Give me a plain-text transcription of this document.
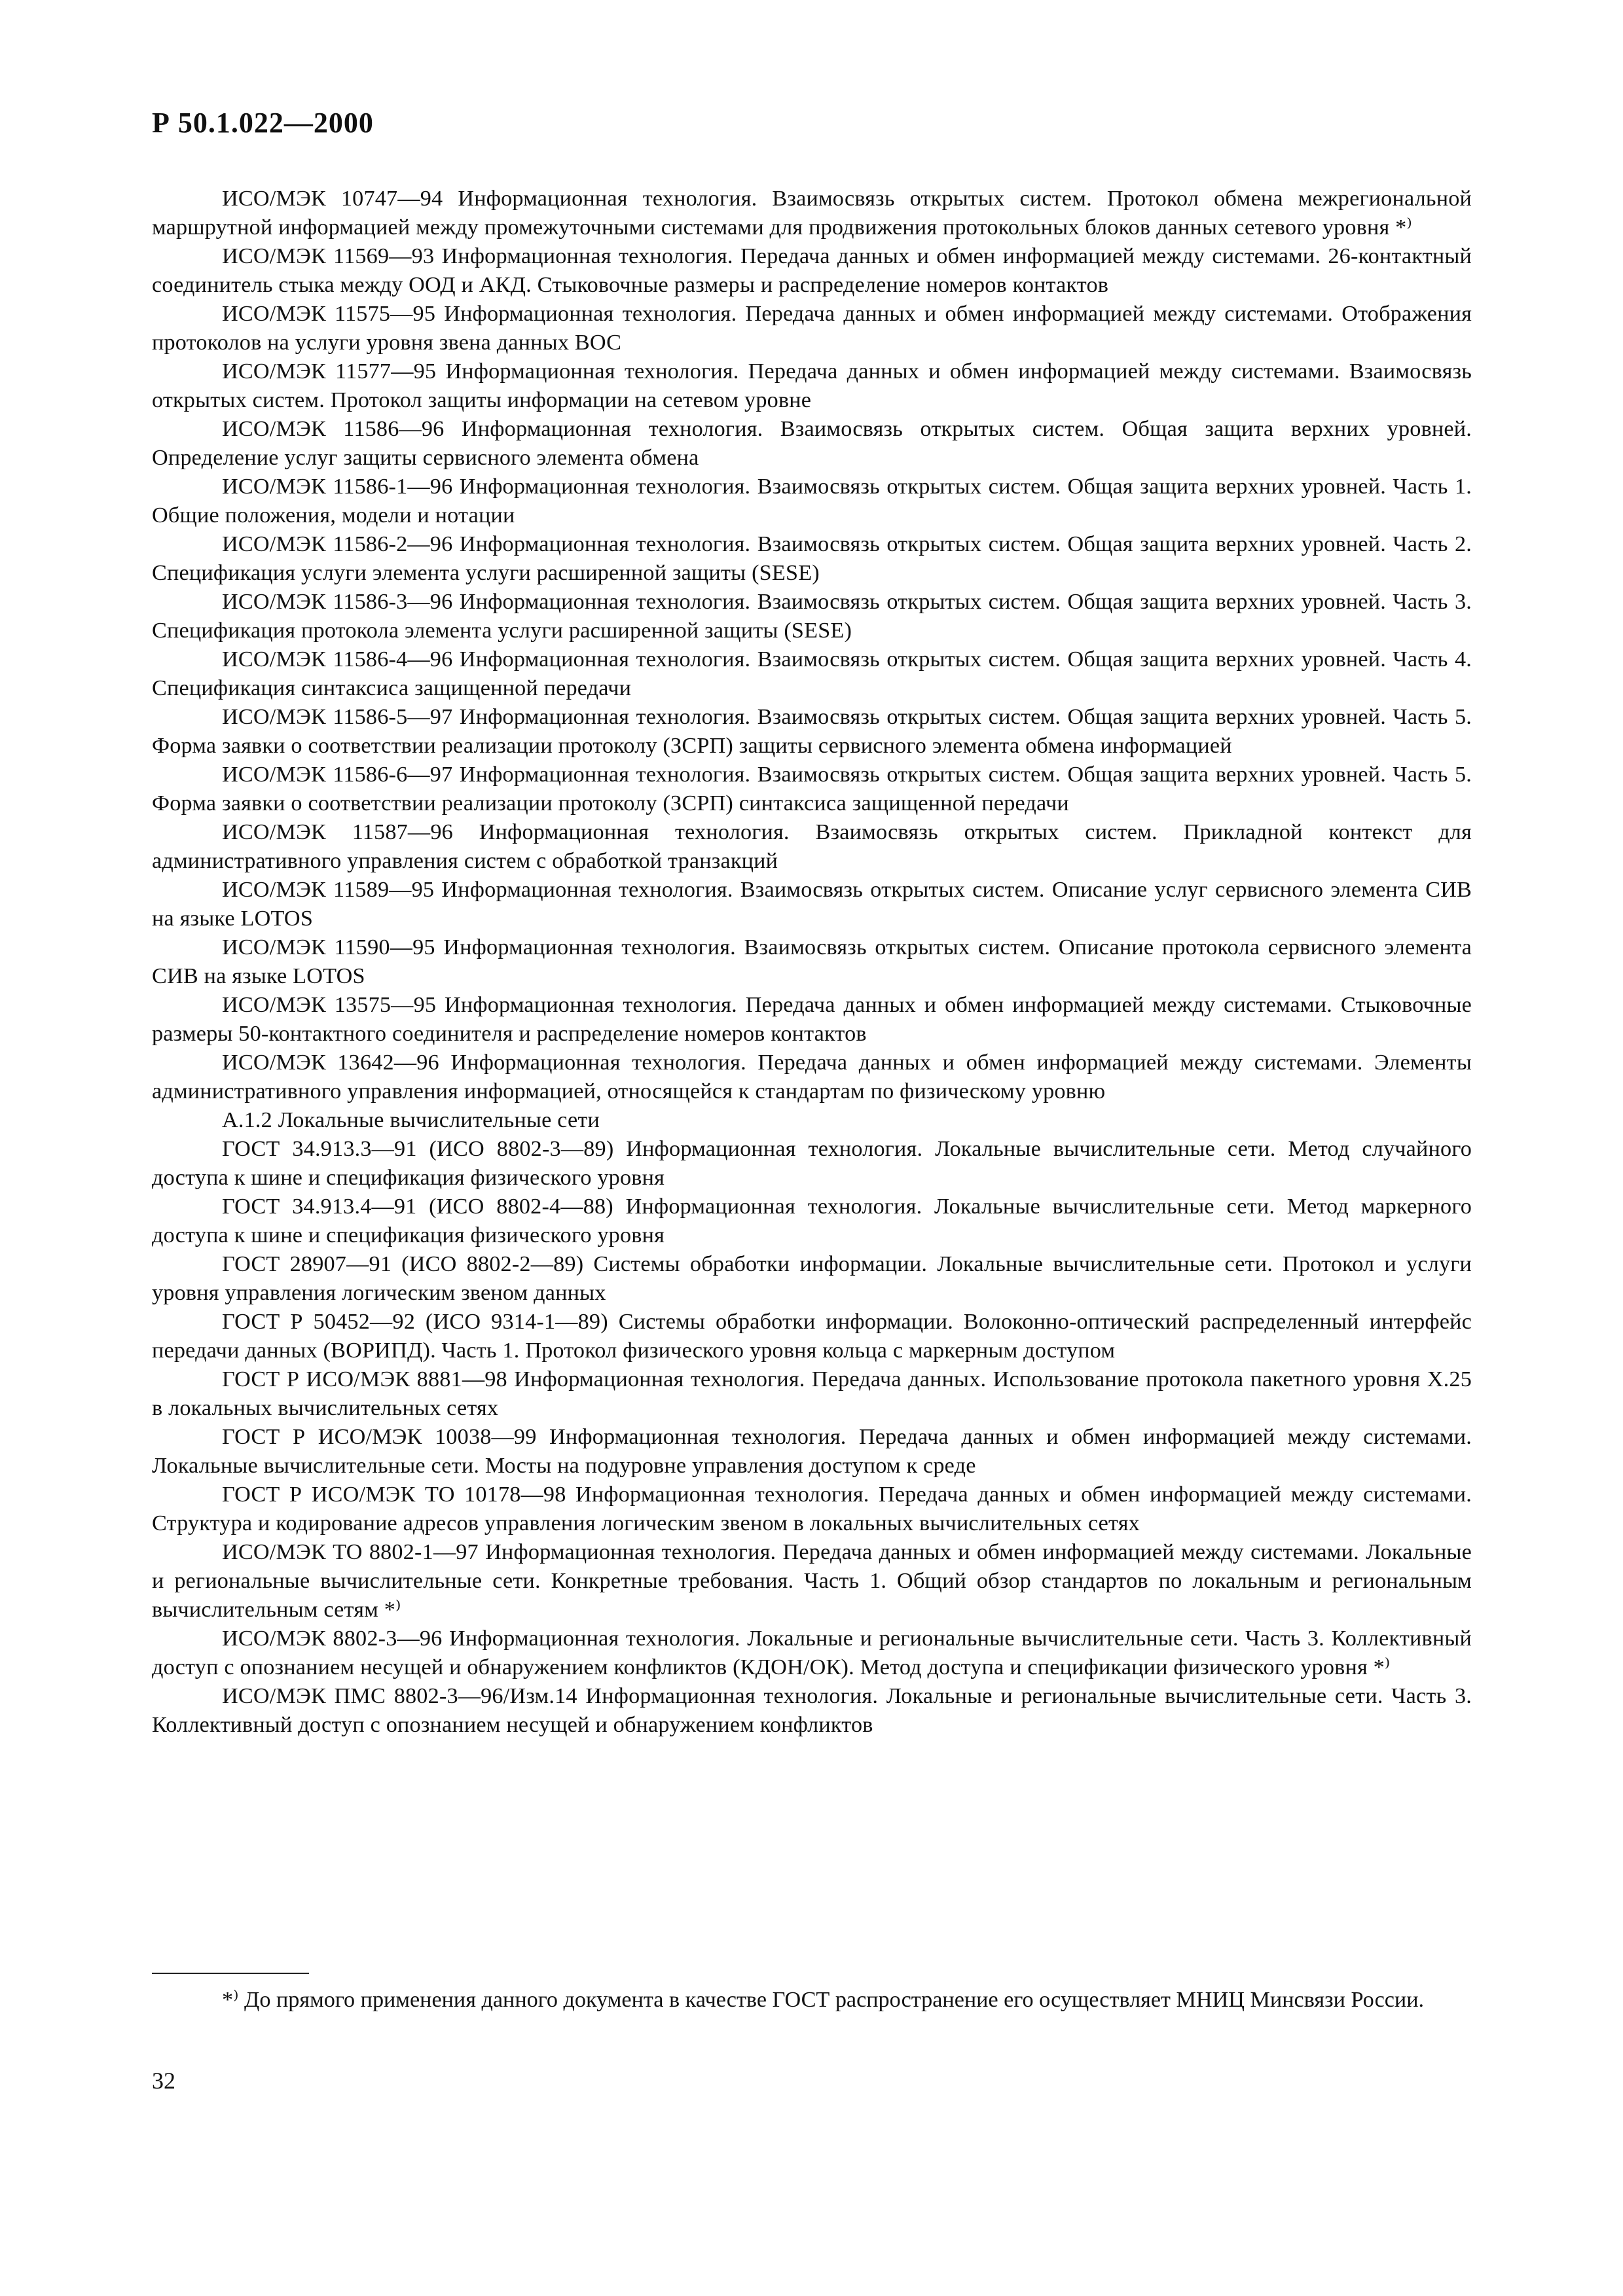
Р 50.1.022—2000

ИСО/МЭК 10747—94 Информационная технология. Взаимосвязь открытых систем. Протокол обмена межрегиональной маршрутной информацией между промежуточными системами для продвижения протокольных блоков данных сетевого уровня *⁾

ИСО/МЭК 11569—93 Информационная технология. Передача данных и обмен информацией между системами. 26-контактный соединитель стыка между ООД и АКД. Стыковочные размеры и распределение номеров контактов

ИСО/МЭК 11575—95 Информационная технология. Передача данных и обмен информацией между системами. Отображения протоколов на услуги уровня звена данных ВОС

ИСО/МЭК 11577—95 Информационная технология. Передача данных и обмен информацией между системами. Взаимосвязь открытых систем. Протокол защиты информации на сетевом уровне

ИСО/МЭК 11586—96 Информационная технология. Взаимосвязь открытых систем. Общая защита верхних уровней. Определение услуг защиты сервисного элемента обмена

ИСО/МЭК 11586-1—96 Информационная технология. Взаимосвязь открытых систем. Общая защита верхних уровней. Часть 1. Общие положения, модели и нотации

ИСО/МЭК 11586-2—96 Информационная технология. Взаимосвязь открытых систем. Общая защита верхних уровней. Часть 2. Спецификация услуги элемента услуги расширенной защиты (SESE)

ИСО/МЭК 11586-3—96 Информационная технология. Взаимосвязь открытых систем. Общая защита верхних уровней. Часть 3. Спецификация протокола элемента услуги расширенной защиты (SESE)

ИСО/МЭК 11586-4—96 Информационная технология. Взаимосвязь открытых систем. Общая защита верхних уровней. Часть 4. Спецификация синтаксиса защищенной передачи

ИСО/МЭК 11586-5—97 Информационная технология. Взаимосвязь открытых систем. Общая защита верхних уровней. Часть 5. Форма заявки о соответствии реализации протоколу (ЗСРП) защиты сервисного элемента обмена информацией

ИСО/МЭК 11586-6—97 Информационная технология. Взаимосвязь открытых систем. Общая защита верхних уровней. Часть 5. Форма заявки о соответствии реализации протоколу (ЗСРП) синтаксиса защищенной передачи

ИСО/МЭК 11587—96 Информационная технология. Взаимосвязь открытых систем. Прикладной контекст для административного управления систем с обработкой транзакций

ИСО/МЭК 11589—95 Информационная технология. Взаимосвязь открытых систем. Описание услуг сервисного элемента СИВ на языке LOTOS

ИСО/МЭК 11590—95 Информационная технология. Взаимосвязь открытых систем. Описание протокола сервисного элемента СИВ на языке LOTOS

ИСО/МЭК 13575—95 Информационная технология. Передача данных и обмен информацией между системами. Стыковочные размеры 50-контактного соединителя и распределение номеров контактов

ИСО/МЭК 13642—96 Информационная технология. Передача данных и обмен информацией между системами. Элементы административного управления информацией, относящейся к стандартам по физическому уровню

А.1.2 Локальные вычислительные сети

ГОСТ 34.913.3—91 (ИСО 8802-3—89) Информационная технология. Локальные вычислительные сети. Метод случайного доступа к шине и спецификация физического уровня

ГОСТ 34.913.4—91 (ИСО 8802-4—88) Информационная технология. Локальные вычислительные сети. Метод маркерного доступа к шине и спецификация физического уровня

ГОСТ 28907—91 (ИСО 8802-2—89) Системы обработки информации. Локальные вычислительные сети. Протокол и услуги уровня управления логическим звеном данных

ГОСТ Р 50452—92 (ИСО 9314-1—89) Системы обработки информации. Волоконно-оптический распределенный интерфейс передачи данных (ВОРИПД). Часть 1. Протокол физического уровня кольца с маркерным доступом

ГОСТ Р ИСО/МЭК 8881—98 Информационная технология. Передача данных. Использование протокола пакетного уровня X.25 в локальных вычислительных сетях

ГОСТ Р ИСО/МЭК 10038—99 Информационная технология. Передача данных и обмен информацией между системами. Локальные вычислительные сети. Мосты на подуровне управления доступом к среде

ГОСТ Р ИСО/МЭК ТО 10178—98 Информационная технология. Передача данных и обмен информацией между системами. Структура и кодирование адресов управления логическим звеном в локальных вычислительных сетях

ИСО/МЭК ТО 8802-1—97 Информационная технология. Передача данных и обмен информацией между системами. Локальные и региональные вычислительные сети. Конкретные требования. Часть 1. Общий обзор стандартов по локальным и региональным вычислительным сетям *⁾

ИСО/МЭК 8802-3—96 Информационная технология. Локальные и региональные вычислительные сети. Часть 3. Коллективный доступ с опознанием несущей и обнаружением конфликтов (КДОН/ОК). Метод доступа и спецификации физического уровня *⁾

ИСО/МЭК ПМС 8802-3—96/Изм.14 Информационная технология. Локальные и региональные вычислительные сети. Часть 3. Коллективный доступ с опознанием несущей и обнаружением конфликтов

*⁾ До прямого применения данного документа в качестве ГОСТ распространение его осуществляет МНИЦ Минсвязи России.

32
